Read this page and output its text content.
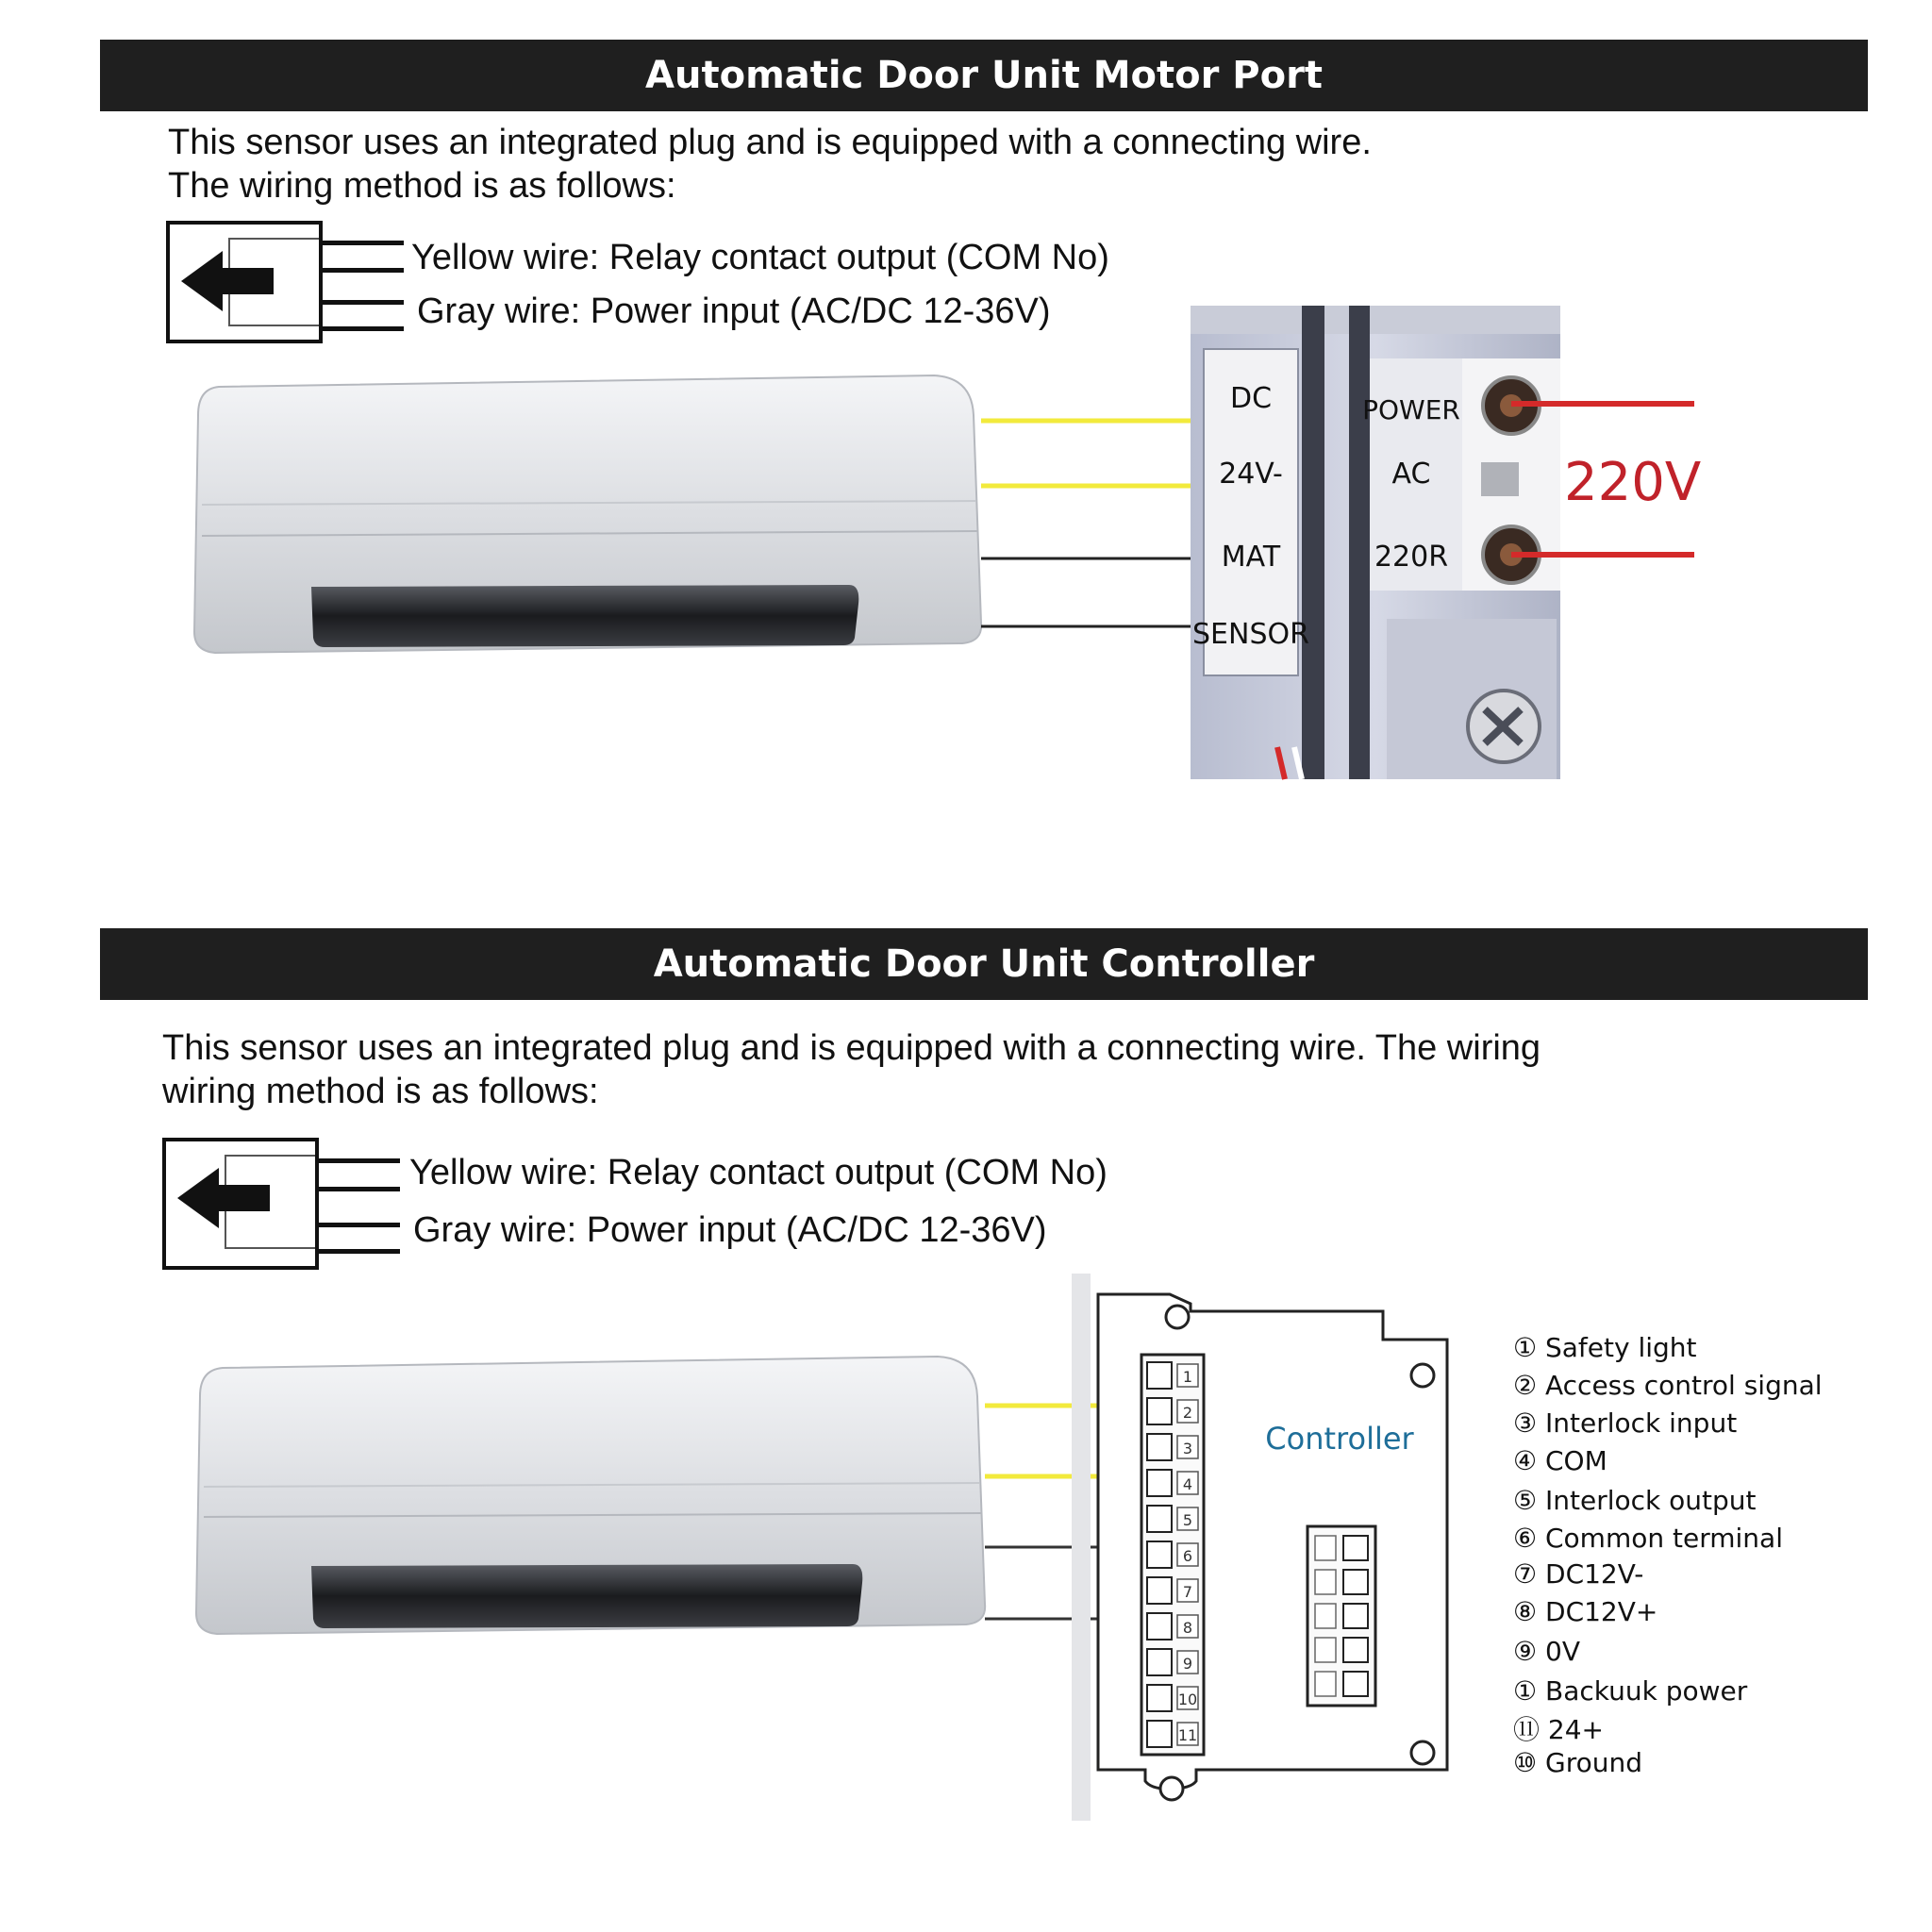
Automatic Door Unit Motor Port
This sensor uses an integrated plug and is equipped with a connecting wire.
The wiring method is as follows:
Yellow wire: Relay contact output (COM No)
Gray wire: Power input (AC/DC 12-36V)
DC
24V-
MAT
SENSOR
POWER
AC
220R
220V
Automatic Door Unit Controller
This sensor uses an integrated plug and is equipped with a connecting wire. The wiring
wiring method is as follows:
Yellow wire: Relay contact output (COM No)
Gray wire: Power input (AC/DC 12-36V)
Controller
1
2
3
4
5
6
7
8
9
10
11
① Safety light
② Access control signal
③ Interlock input
④ COM
⑤ Interlock output
⑥ Common terminal
⑦ DC12V-
⑧ DC12V+
⑨ 0V
① Backuuk power
⑪ 24+
⑩ Ground
